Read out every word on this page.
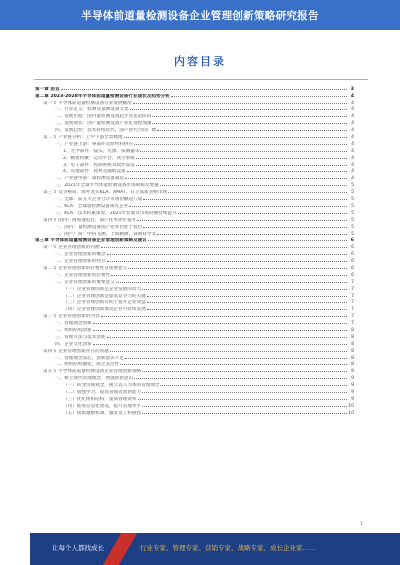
半导体前道量检测设备企业管理创新策略研究报告
内容目录
第一章 前言	3
第二章 2023-2028年半导体前道量检测设备行业现状及趋势分析	4
第一节 半导体前道量检测设备行业发展概况	4
一、行业定义：检测及量测设备分类	4
二、发展历程：国内量检测设备起步及追赶阶段	4
三、发展现状：国产量检测设备产业化进程加速	4
四、发展趋势：技术持续迭代，国产替代空间广阔	4
第二节 产业链分析：上中下游全景梳理	4
一、产业链上游：零部件及原材料供应	4
1、光学部件：镜头、光源、探测器等	4
2、精密机械：运动平台、真空系统	4
3、电子部件：控制系统及软件算法	4
4、其他部件：耗材及辅助设备	4
二、产业链中游：量检测设备制造	4
三、2021年全球半导体量检测设备市场规模及增速	5
第三节 竞争格局：海外龙头KLA、AMAT、日立高新垄断市场	5
一、全球：前五大企业合计市场份额超八成	5
二、KLA：全球量检测设备领先企业	5
三、KLA：技术积累深厚，2021年营收及市场份额持续提升	5
第四节 国内厂商加速追赶，国产化率逐步提升	5
一、国内：量检测设备国产化率仍处于低位	5
二、国产厂商：中科飞测、上海精测、睿励科学等	5
第三章 半导体前道量检测设备企业管理创新策略及建议	6
第一节 企业管理创新的内涵	6
一、企业管理创新的概念	6
二、企业管理创新的特点	6
第二节 企业管理创新的必要性及重要意义	6
一、企业管理创新的必要性	6
二、企业管理创新的重要意义	7
（一）企业管理创新是企业发展的动力	7
（二）企业管理创新是提高竞争力的关键	7
（三）企业管理创新有助于提升企业效益	7
（四）企业管理创新推动企业可持续发展	7
第三节 企业管理创新的内容	7
一、管理理念创新	7
二、组织结构创新	8
三、管理方法与技术创新	8
四、企业文化创新	8
第四节 企业管理创新存在的问题	8
一、管理理念落后，创新意识不足	8
二、组织结构僵化，缺乏灵活性	8
第五节 半导体前道量检测设备企业管理创新策略	9
一、树立现代管理理念，增强创新意识	9
（一）转变传统观念，树立以人为本的管理理念	9
（二）加强学习，提高管理者创新能力	9
（三）优化组织结构，提高管理效率	9
（四）推进信息化建设，提升管理水平	10
（五）创新激励机制，激发员工积极性	10
1
让每个人都找成长	行业专家、管理专家、营销专家、战略专家、成长企业家……
